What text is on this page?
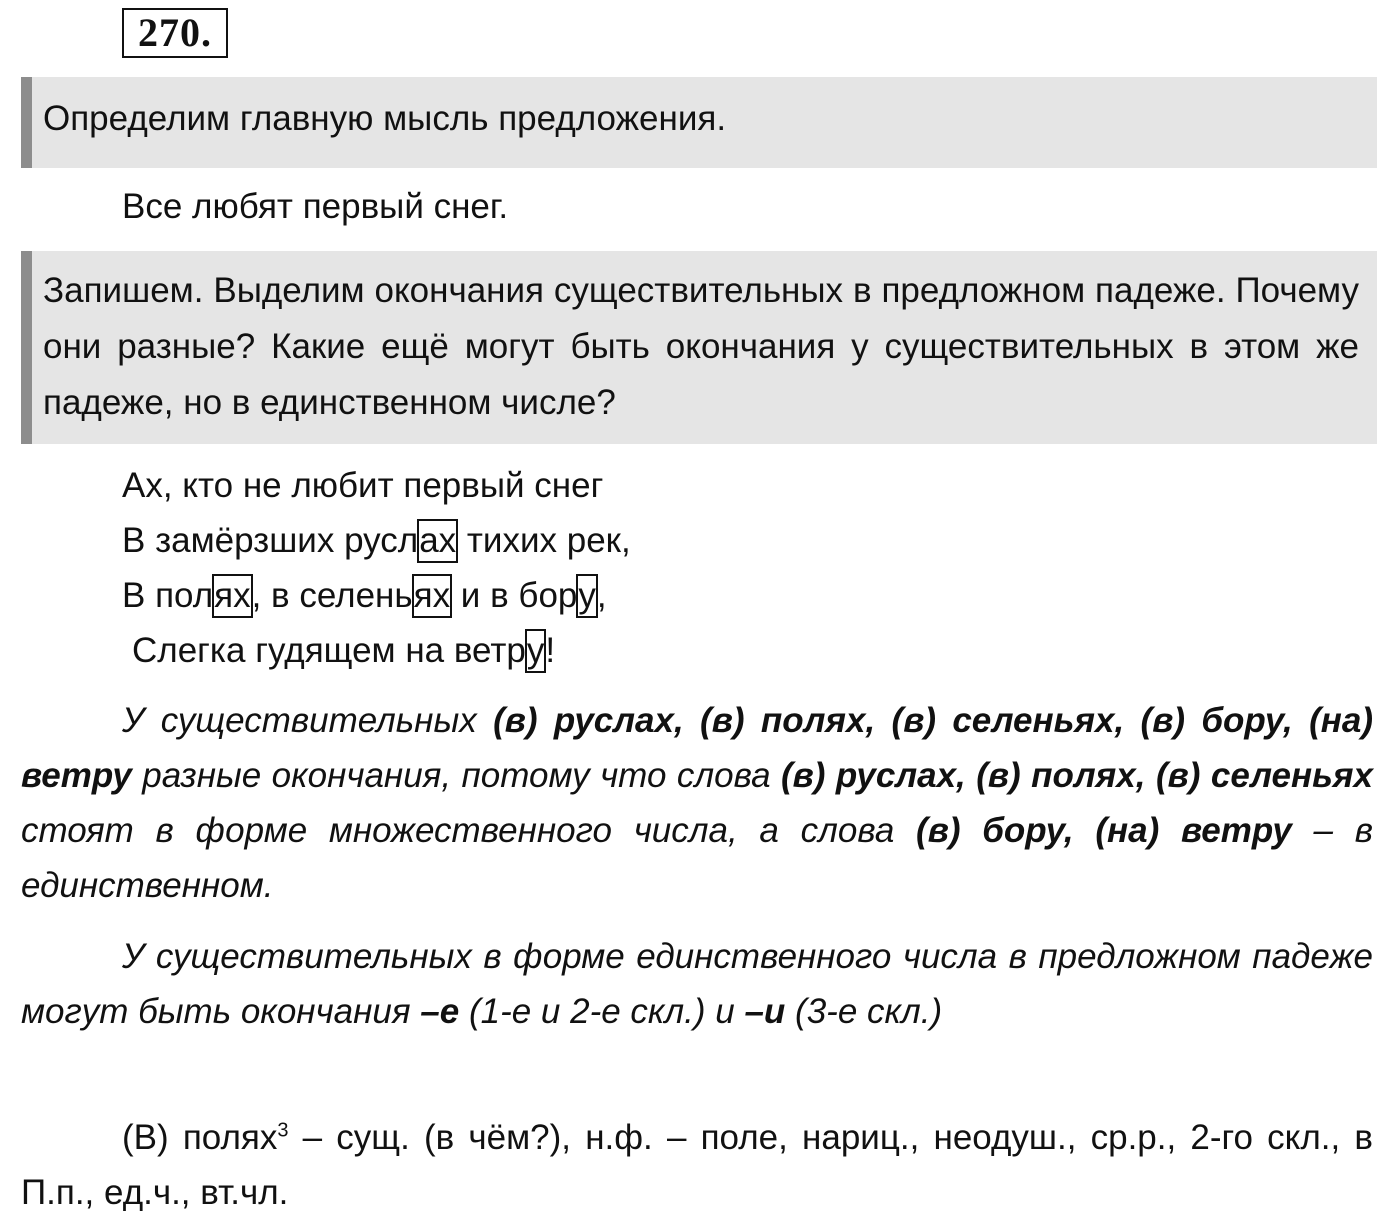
270.
Определим главную мысль предложения.
Все любят первый снег.
Запишем. Выделим окончания существительных в предложном падеже. Почему они разные? Какие ещё могут быть окончания у существительных в этом же падеже, но в единственном числе?
Ах, кто не любит первый снег
В замёрзших руслах тихих рек,
В полях, в селеньях и в бору,
Слегка гудящем на ветру!
У существительных (в) руслах, (в) полях, (в) селеньях, (в) бору, (на) ветру разные окончания, потому что слова (в) руслах, (в) полях, (в) селеньях стоят в форме множественного числа, а слова (в) бору, (на) ветру – в единственном.
У существительных в форме единственного числа в предложном падеже могут быть окончания –е (1-е и 2-е скл.) и –и (3-е скл.)
(В) полях$^3$ – сущ. (в чём?), н.ф. – поле, нариц., неодуш., ср.р., 2-го скл., в П.п., ед.ч., вт.чл.
